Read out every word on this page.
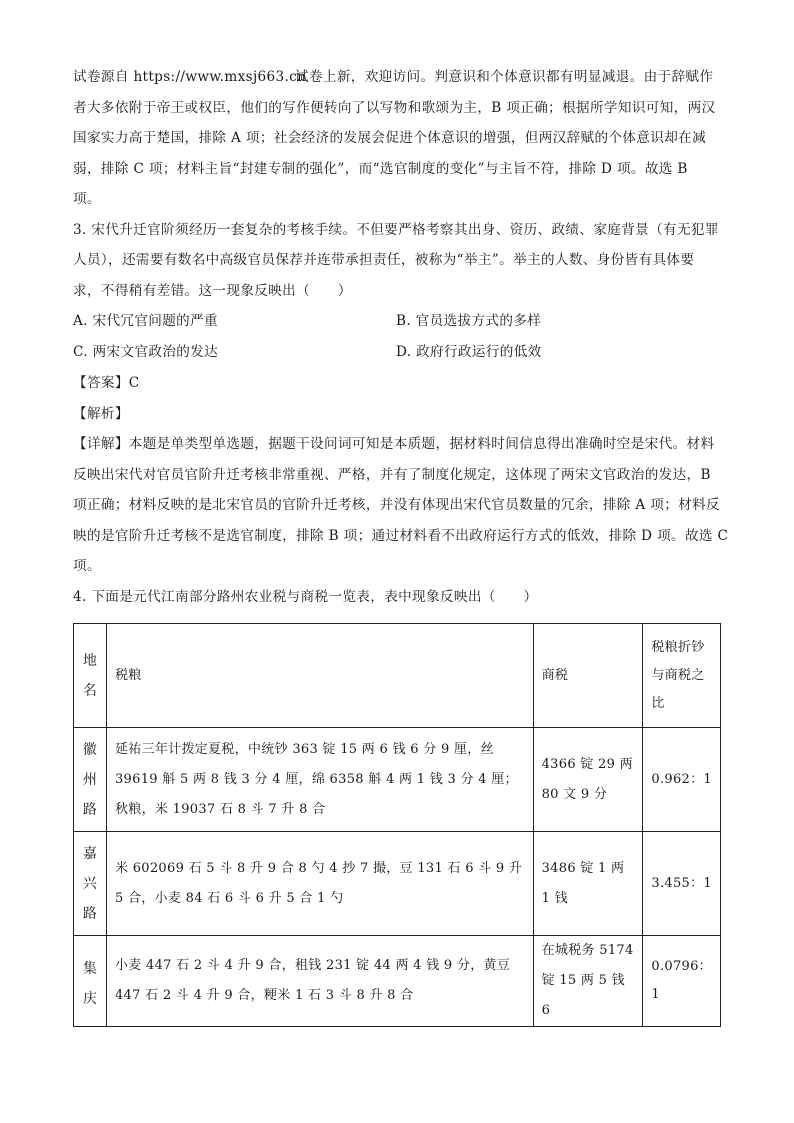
试卷源自 https://www.mxsj663.cn试卷上新，欢迎访问。判意识和个体意识都有明显减退。由于辞赋作
者大多依附于帝王或权臣，他们的写作便转向了以写物和歌颂为主，B 项正确；根据所学知识可知，两汉
国家实力高于楚国，排除 A 项；社会经济的发展会促进个体意识的增强，但两汉辞赋的个体意识却在减
弱，排除 C 项；材料主旨“封建专制的强化”，而“选官制度的变化”与主旨不符，排除 D 项。故选 B
项。
3. 宋代升迁官阶须经历一套复杂的考核手续。不但要严格考察其出身、资历、政绩、家庭背景（有无犯罪
人员），还需要有数名中高级官员保荐并连带承担责任，被称为“举主”。举主的人数、身份皆有具体要
求，不得稍有差错。这一现象反映出（　　）
A. 宋代冗官问题的严重	B. 官员选拔方式的多样
C. 两宋文官政治的发达	D. 政府行政运行的低效
【答案】C
【解析】
【详解】本题是单类型单选题，据题干设问词可知是本质题，据材料时间信息得出准确时空是宋代。材料
反映出宋代对官员官阶升迁考核非常重视、严格，并有了制度化规定，这体现了两宋文官政治的发达，B
项正确；材料反映的是北宋官员的官阶升迁考核，并没有体现出宋代官员数量的冗余，排除 A 项；材料反
映的是官阶升迁考核不是选官制度，排除 B 项；通过材料看不出政府运行方式的低效，排除 D 项。故选 C
项。
4. 下面是元代江南部分路州农业税与商税一览表，表中现象反映出（　　）
地名	税粮	商税	税粮折钞与商税之比
徽州路	延祐三年计拨定夏税，中统钞 363 锭 15 两 6 钱 6 分 9 厘，丝 39619 斛 5 两 8 钱 3 分 4 厘，绵 6358 斛 4 两 1 钱 3 分 4 厘；秋粮，米 19037 石 8 斗 7 升 8 合	4366 锭 29 两 80 文 9 分	0.962：1
嘉兴路	米 602069 石 5 斗 8 升 9 合 8 勺 4 抄 7 撮，豆 131 石 6 斗 9 升 5 合，小麦 84 石 6 斗 6 升 5 合 1 勺	3486 锭 1 两 1 钱	3.455：1
集庆	小麦 447 石 2 斗 4 升 9 合，租钱 231 锭 44 两 4 钱 9 分，黄豆 447 石 2 斗 4 升 9 合，粳米 1 石 3 斗 8 升 8 合	在城税务 5174 锭 15 两 5 钱 6	0.0796：1
